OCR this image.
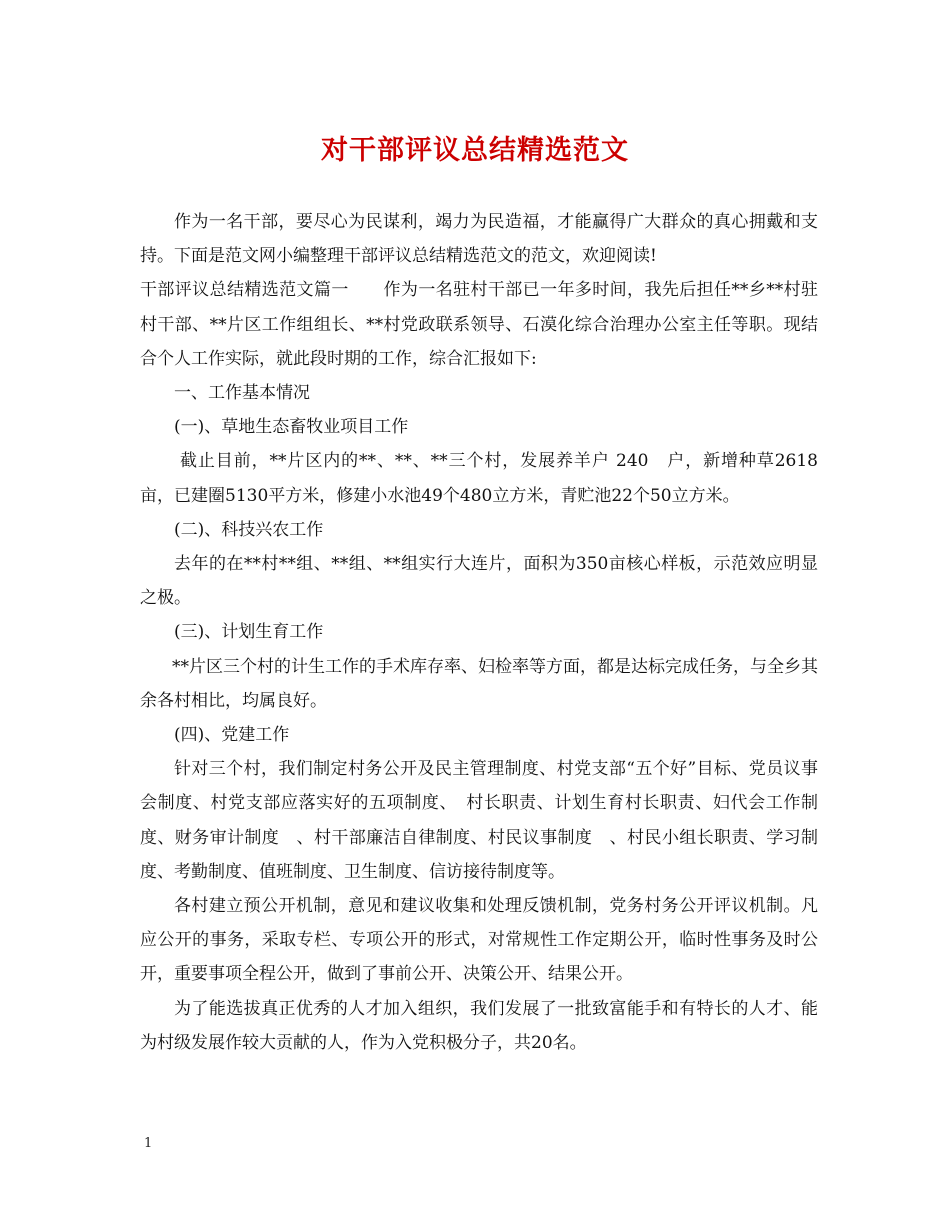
对干部评议总结精选范文

作为一名干部，要尽心为民谋利，竭力为民造福，才能赢得广大群众的真心拥戴和支持。下面是范文网小编整理干部评议总结精选范文的范文，欢迎阅读!

干部评议总结精选范文篇一　　作为一名驻村干部已一年多时间，我先后担任**乡**村驻村干部、**片区工作组组长、**村党政联系领导、石漠化综合治理办公室主任等职。现结合个人工作实际，就此段时期的工作，综合汇报如下:

一、工作基本情况

(一)、草地生态畜牧业项目工作

截止目前，**片区内的**、**、**三个村，发展养羊户 240　户，新增种草2618亩，已建圈5130平方米，修建小水池49个480立方米，青贮池22个50立方米。

(二)、科技兴农工作

去年的在**村**组、**组、**组实行大连片，面积为350亩核心样板，示范效应明显之极。

(三)、计划生育工作

**片区三个村的计生工作的手术库存率、妇检率等方面，都是达标完成任务，与全乡其余各村相比，均属良好。

(四)、党建工作

针对三个村，我们制定村务公开及民主管理制度、村党支部“五个好”目标、党员议事会制度、村党支部应落实好的五项制度、　村长职责、计划生育村长职责、妇代会工作制度、财务审计制度　、村干部廉洁自律制度、村民议事制度　、村民小组长职责、学习制度、考勤制度、值班制度、卫生制度、信访接待制度等。

各村建立预公开机制，意见和建议收集和处理反馈机制，党务村务公开评议机制。凡应公开的事务，采取专栏、专项公开的形式，对常规性工作定期公开，临时性事务及时公开，重要事项全程公开，做到了事前公开、决策公开、结果公开。

为了能选拔真正优秀的人才加入组织，我们发展了一批致富能手和有特长的人才、能为村级发展作较大贡献的人，作为入党积极分子，共20名。

1
